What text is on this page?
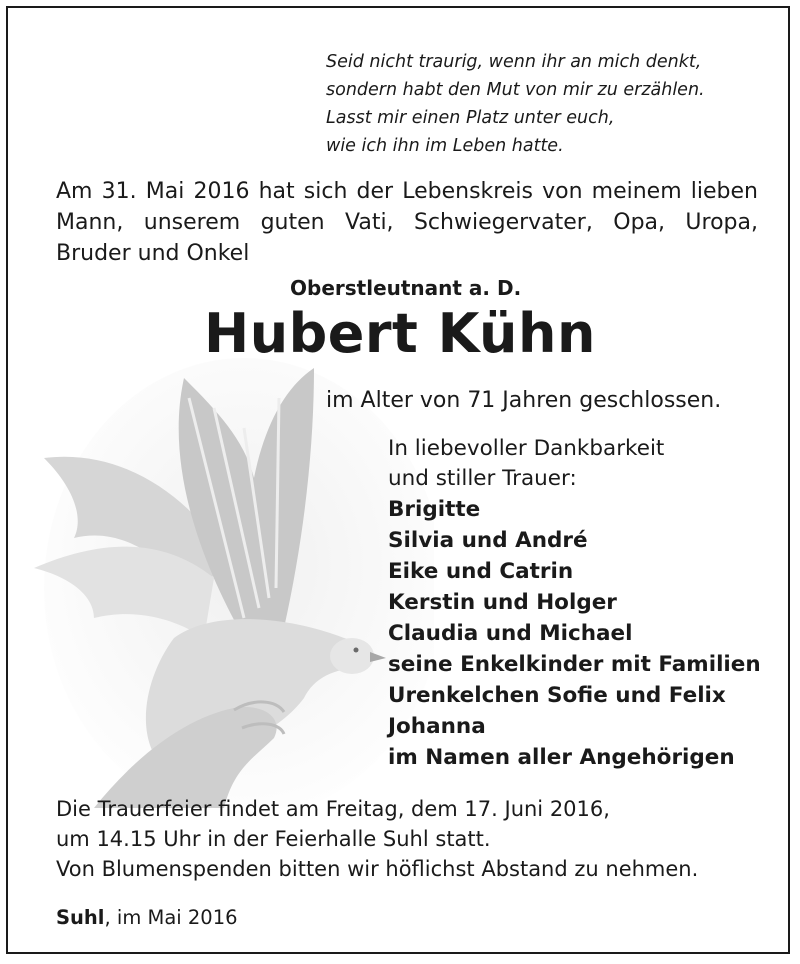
Seid nicht traurig, wenn ihr an mich denkt,

sondern habt den Mut von mir zu erzählen.

Lasst mir einen Platz unter euch,

wie ich ihn im Leben hatte.

Am 31. Mai 2016 hat sich der Lebenskreis von meinem lieben Mann, unserem guten Vati, Schwiegervater, Opa, Uropa, Bruder und Onkel

Oberstleutnant a. D.

Hubert Kühn

im Alter von 71 Jahren geschlossen.

In liebevoller Dankbarkeit
und stiller Trauer:
Brigitte
Silvia und André
Eike und Catrin
Kerstin und Holger
Claudia und Michael
seine Enkelkinder mit Familien
Urenkelchen Sofie und Felix
Johanna
im Namen aller Angehörigen
Die Trauerfeier findet am Freitag, dem 17. Juni 2016,
um 14.15 Uhr in der Feierhalle Suhl statt.
Von Blumenspenden bitten wir höflichst Abstand zu nehmen.

Suhl, im Mai 2016
